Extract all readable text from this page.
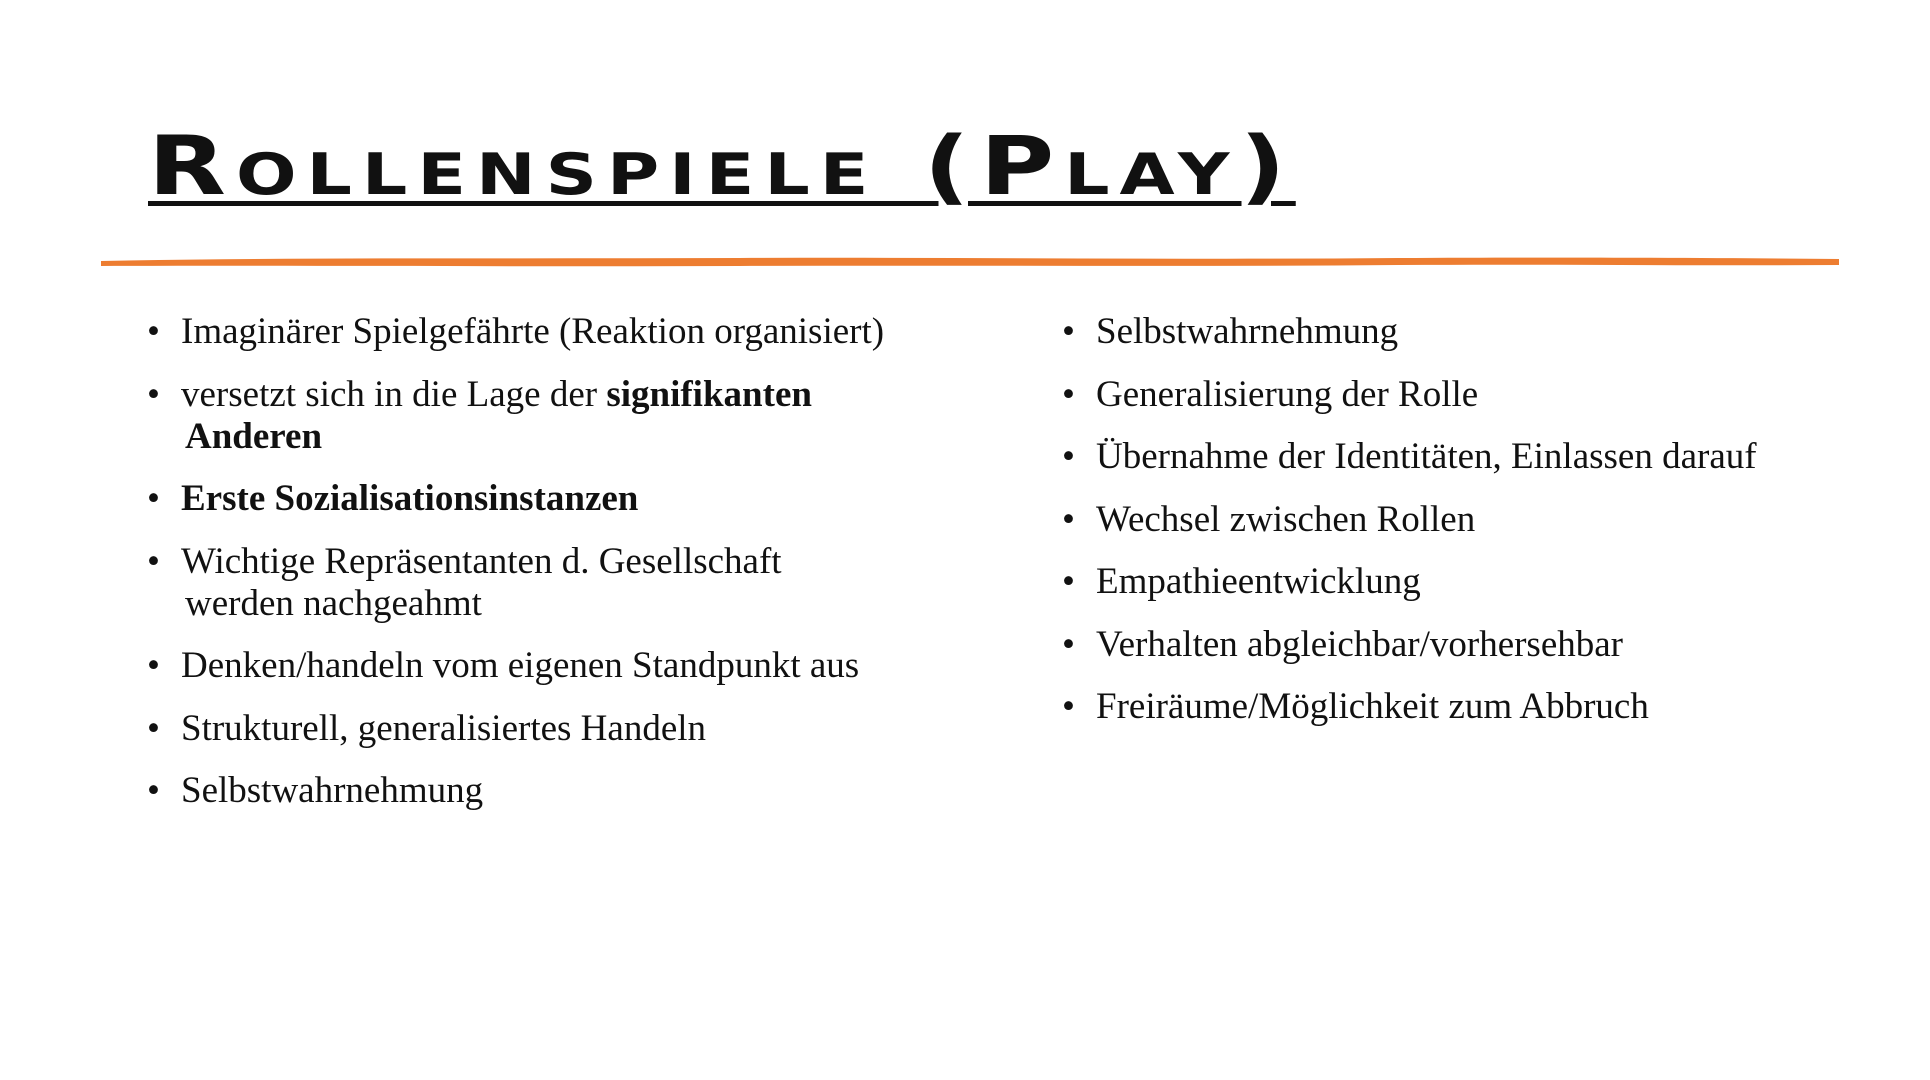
Rollenspiele (Play)
• Imaginärer Spielgefährte (Reaktion organisiert)
• versetzt sich in die Lage der signifikanten
Anderen
• Erste Sozialisationsinstanzen
• Wichtige Repräsentanten d. Gesellschaft
werden nachgeahmt
• Denken/handeln vom eigenen Standpunkt aus
• Strukturell, generalisiertes Handeln
• Selbstwahrnehmung
• Selbstwahrnehmung
• Generalisierung der Rolle
• Übernahme der Identitäten, Einlassen darauf
• Wechsel zwischen Rollen
• Empathieentwicklung
• Verhalten abgleichbar/vorhersehbar
• Freiräume/Möglichkeit zum Abbruch
